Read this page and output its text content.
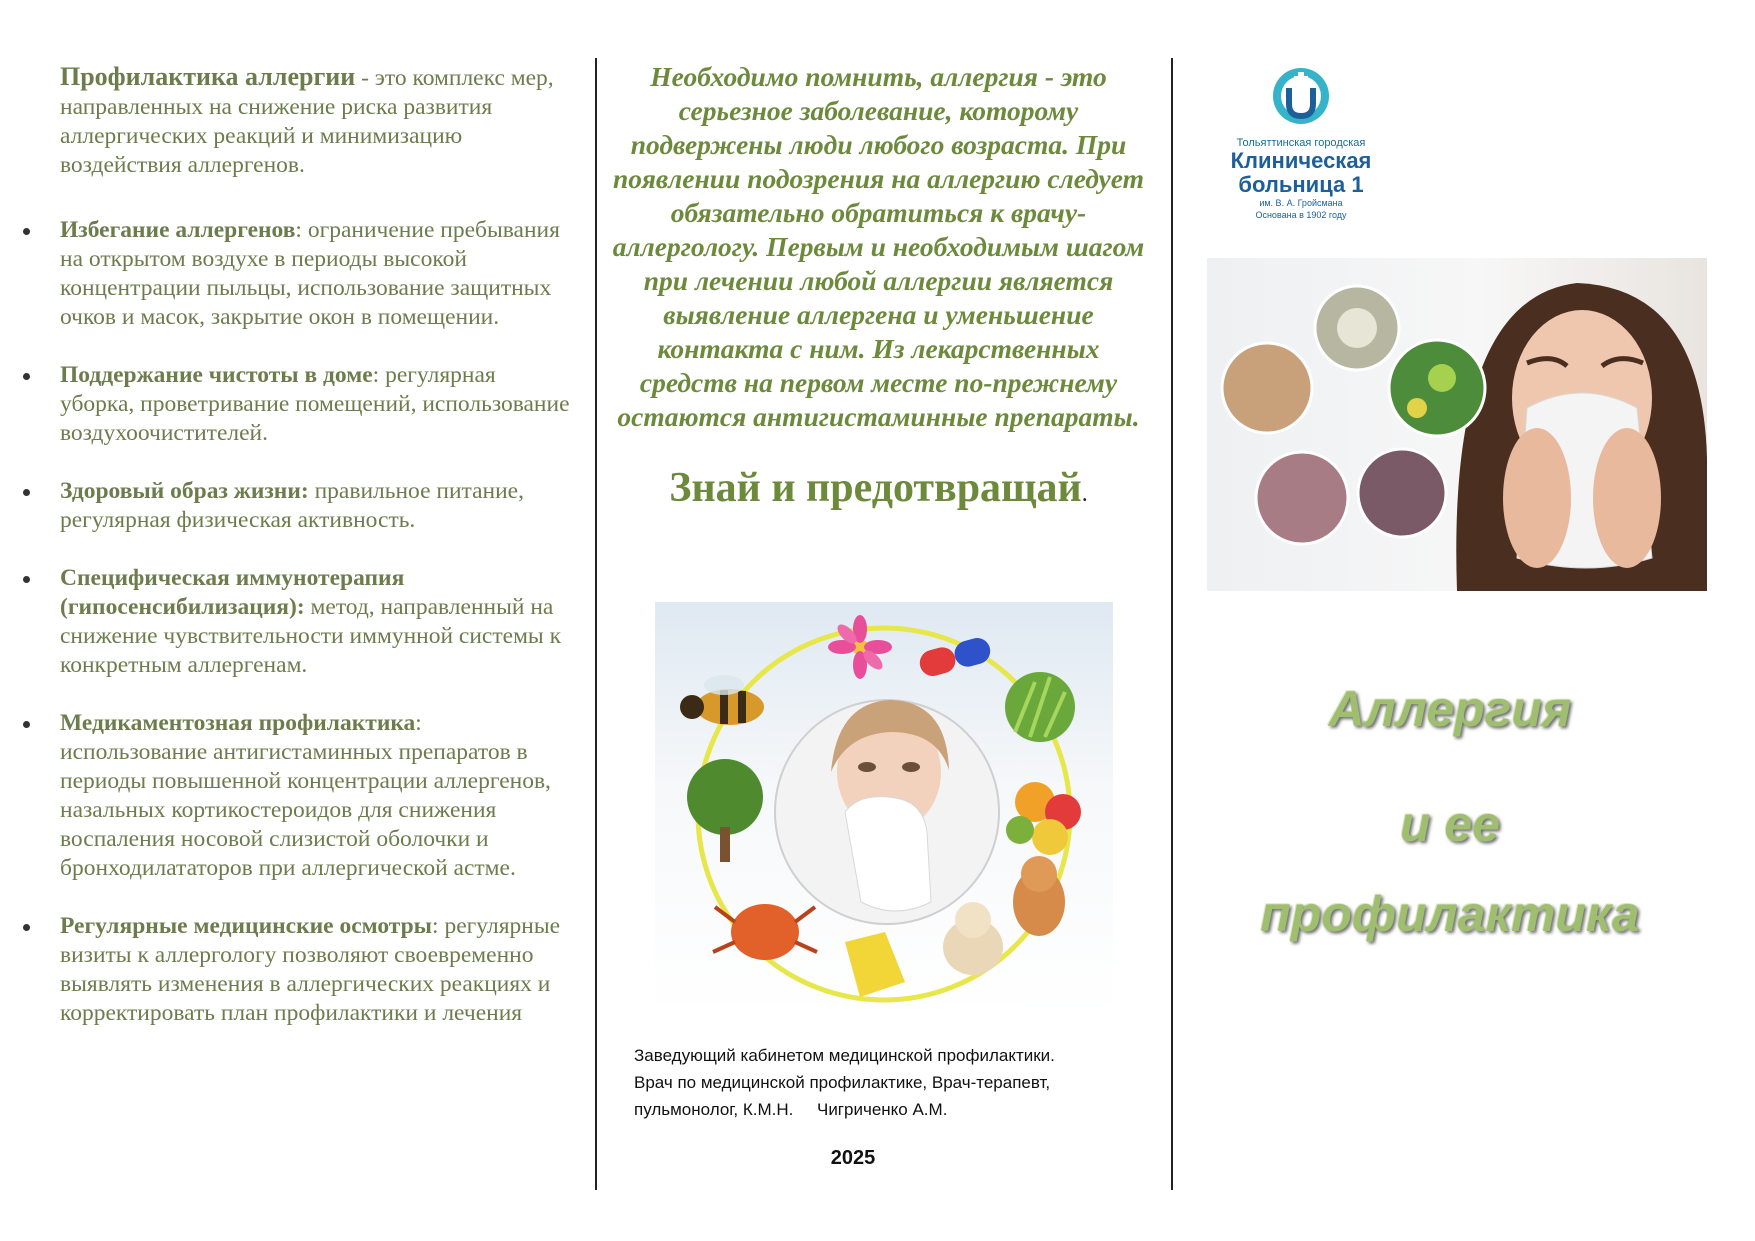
Профилактика аллергии - это комплекс мер, направленных на снижение риска развития аллергических реакций и минимизацию воздействия аллергенов.

Избегание аллергенов: ограничение пребывания на открытом воздухе в периоды высокой концентрации пыльцы, использование защитных очков и масок, закрытие окон в помещении.
Поддержание чистоты в доме: регулярная уборка, проветривание помещений, использование воздухоочистителей.
Здоровый образ жизни: правильное питание, регулярная физическая активность.
Специфическая иммунотерапия (гипосенсибилизация): метод, направленный на снижение чувствительности иммунной системы к конкретным аллергенам.
Медикаментозная профилактика: использование антигистаминных препаратов в периоды повышенной концентрации аллергенов, назальных кортикостероидов для снижения воспаления носовой слизистой оболочки и бронходилататоров при аллергической астме.
Регулярные медицинские осмотры: регулярные визиты к аллергологу позволяют своевременно выявлять изменения в аллергических реакциях и корректировать план профилактики и лечения

Необходимо помнить, аллергия - это серьезное заболевание, которому подвержены люди любого возраста. При появлении подозрения на аллергию следует обязательно обратиться к врачу-аллергологу. Первым и необходимым шагом при лечении любой аллергии является выявление аллергена и уменьшение контакта с ним. Из лекарственных средств на первом месте по-прежнему остаются антигистаминные препараты.

Знай и предотвращай.
Заведующий кабинетом медицинской профилактики.
Врач по медицинской профилактике, Врач-терапевт,
пульмонолог, К.М.Н.     Чигриченко А.М.
2025
Тольяттинская городская
Клиническая
больница 1
им. В. А. Гройсмана
Основана в 1902 году
Аллергия
и ее
профилактика
